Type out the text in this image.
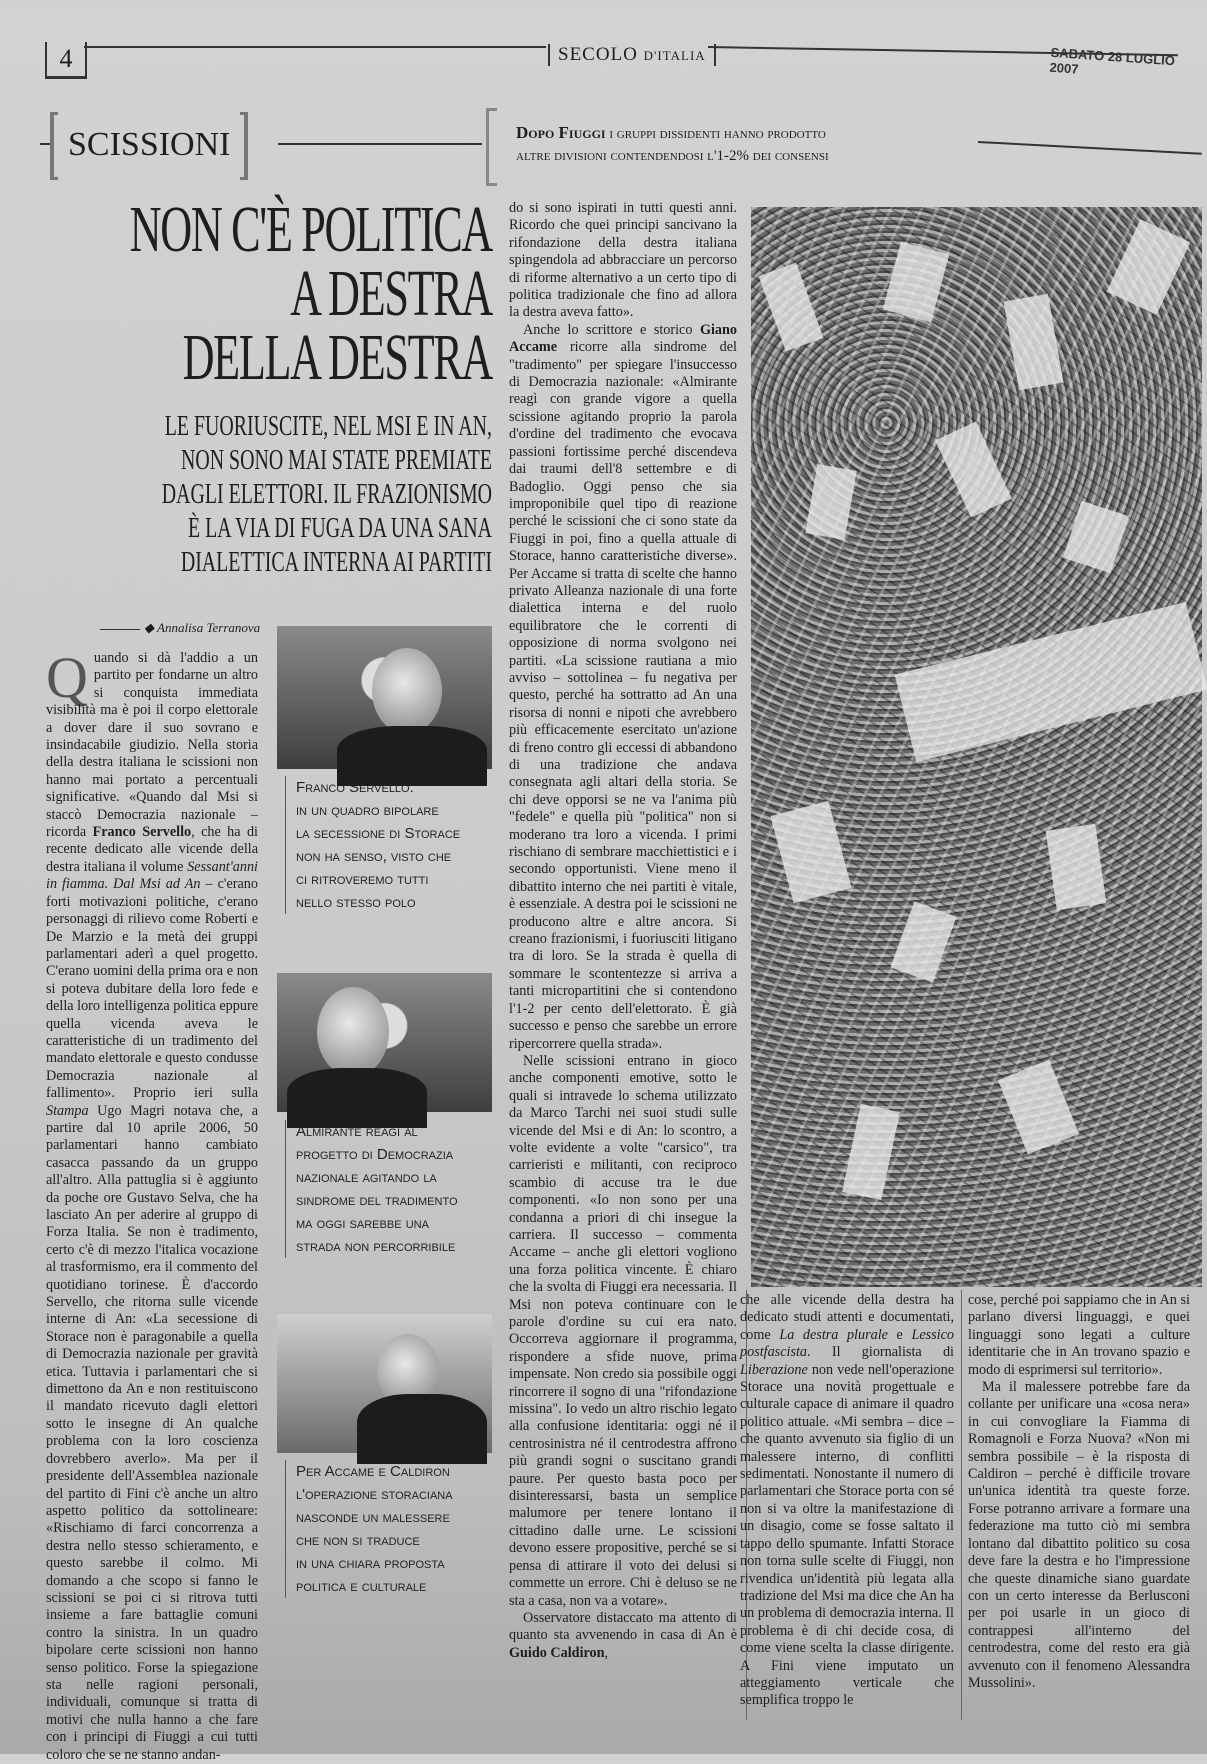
4	SECOLO D'ITALIA	SABATO 28 LUGLIO 2007
SCISSIONI	Dopo Fiuggi i gruppi dissidenti hanno prodotto
altre divisioni contendendosi l'1-2% dei consensi
NON C'È POLITICA
A DESTRA
DELLA DESTRA
LE FUORIUSCITE, NEL MSI E IN AN,
NON SONO MAI STATE PREMIATE
DAGLI ELETTORI. IL FRAZIONISMO
È LA VIA DI FUGA DA UNA SANA
DIALETTICA INTERNA AI PARTITI
◆ Annalisa Terranova

Quando si dà l'addio a un partito per fondarne un altro si conquista immediata visibilità ma è poi il corpo elettorale a dover dare il suo sovrano e insindacabile giudizio. Nella storia della destra italiana le scissioni non hanno mai portato a percentuali significative. «Quando dal Msi si staccò Democrazia nazionale – ricorda Franco Servello, che ha di recente dedicato alle vicende della destra italiana il volume Sessant'anni in fiamma. Dal Msi ad An – c'erano forti motivazioni politiche, c'erano personaggi di rilievo come Roberti e De Marzio e la metà dei gruppi parlamentari aderì a quel progetto. C'erano uomini della prima ora e non si poteva dubitare della loro fede e della loro intelligenza politica eppure quella vicenda aveva le caratteristiche di un tradimento del mandato elettorale e questo condusse Democrazia nazionale al fallimento». Proprio ieri sulla Stampa Ugo Magri notava che, a partire dal 10 aprile 2006, 50 parlamentari hanno cambiato casacca passando da un gruppo all'altro. Alla pattuglia si è aggiunto da poche ore Gustavo Selva, che ha lasciato An per aderire al gruppo di Forza Italia. Se non è tradimento, certo c'è di mezzo l'italica vocazione al trasformismo, era il commento del quotidiano torinese. È d'accordo Servello, che ritorna sulle vicende interne di An: «La secessione di Storace non è paragonabile a quella di Democrazia nazionale per gravità etica. Tuttavia i parlamentari che si dimettono da An e non restituiscono il mandato ricevuto dagli elettori sotto le insegne di An qualche problema con la loro coscienza dovrebbero averlo». Ma per il presidente dell'Assemblea nazionale del partito di Fini c'è anche un altro aspetto politico da sottolineare: «Rischiamo di farci concorrenza a destra nello stesso schieramento, e questo sarebbe il colmo. Mi domando a che scopo si fanno le scissioni se poi ci si ritrova tutti insieme a fare battaglie comuni contro la sinistra. In un quadro bipolare certe scissioni non hanno senso politico. Forse la spiegazione sta nelle ragioni personali, individuali, comunque si tratta di motivi che nulla hanno a che fare con i principi di Fiuggi a cui tutti coloro che se ne stanno andan-

do si sono ispirati in tutti questi anni. Ricordo che quei principi sancivano la rifondazione della destra italiana spingendola ad abbracciare un percorso di riforme alternativo a un certo tipo di politica tradizionale che fino ad allora la destra aveva fatto».

Anche lo scrittore e storico Giano Accame ricorre alla sindrome del "tradimento" per spiegare l'insuccesso di Democrazia nazionale: «Almirante reagì con grande vigore a quella scissione agitando proprio la parola d'ordine del tradimento che evocava passioni fortissime perché discendeva dai traumi dell'8 settembre e di Badoglio. Oggi penso che sia improponibile quel tipo di reazione perché le scissioni che ci sono state da Fiuggi in poi, fino a quella attuale di Storace, hanno caratteristiche diverse». Per Accame si tratta di scelte che hanno privato Alleanza nazionale di una forte dialettica interna e del ruolo equilibratore che le correnti di opposizione di norma svolgono nei partiti. «La scissione rautiana a mio avviso – sottolinea – fu negativa per questo, perché ha sottratto ad An una risorsa di nonni e nipoti che avrebbero più efficacemente esercitato un'azione di freno contro gli eccessi di abbandono di una tradizione che andava consegnata agli altari della storia. Se chi deve opporsi se ne va l'anima più "fedele" e quella più "politica" non si moderano tra loro a vicenda. I primi rischiano di sembrare macchiettistici e i secondo opportunisti. Viene meno il dibattito interno che nei partiti è vitale, è essenziale. A destra poi le scissioni ne producono altre e altre ancora. Si creano frazionismi, i fuoriusciti litigano tra di loro. Se la strada è quella di sommare le scontentezze si arriva a tanti micropartitini che si contendono l'1-2 per cento dell'elettorato. È già successo e penso che sarebbe un errore ripercorrere quella strada».

Nelle scissioni entrano in gioco anche componenti emotive, sotto le quali si intravede lo schema utilizzato da Marco Tarchi nei suoi studi sulle vicende del Msi e di An: lo scontro, a volte evidente a volte "carsico", tra carrieristi e militanti, con reciproco scambio di accuse tra le due componenti. «Io non sono per una condanna a priori di chi insegue la carriera. Il successo – commenta Accame – anche gli elettori vogliono una forza politica vincente. È chiaro che la svolta di Fiuggi era necessaria. Il Msi non poteva continuare con le parole d'ordine su cui era nato. Occorreva aggiornare il programma, rispondere a sfide nuove, prima impensate. Non credo sia possibile oggi rincorrere il sogno di una "rifondazione missina". Io vedo un altro rischio legato alla confusione identitaria: oggi né il centrosinistra né il centrodestra affrono più grandi sogni o suscitano grandi paure. Per questo basta poco per disinteressarsi, basta un semplice malumore per tenere lontano il cittadino dalle urne. Le scissioni devono essere propositive, perché se si pensa di attirare il voto dei delusi si commette un errore. Chi è deluso se ne sta a casa, non va a votare».

Osservatore distaccato ma attento di quanto sta avvenendo in casa di An è Guido Caldiron,

che alle vicende della destra ha dedicato studi attenti e documentati, come La destra plurale e Lessico postfascista. Il giornalista di Liberazione non vede nell'operazione Storace una novità progettuale e culturale capace di animare il quadro politico attuale. «Mi sembra – dice – che quanto avvenuto sia figlio di un malessere interno, di conflitti sedimentati. Nonostante il numero di parlamentari che Storace porta con sé non si va oltre la manifestazione di un disagio, come se fosse saltato il tappo dello spumante. Infatti Storace non torna sulle scelte di Fiuggi, non rivendica un'identità più legata alla tradizione del Msi ma dice che An ha un problema di democrazia interna. Il problema è di chi decide cosa, di come viene scelta la classe dirigente. A Fini viene imputato un atteggiamento verticale che semplifica troppo le

cose, perché poi sappiamo che in An si parlano diversi linguaggi, e quei linguaggi sono legati a culture identitarie che in An trovano spazio e modo di esprimersi sul territorio».

Ma il malessere potrebbe fare da collante per unificare una «cosa nera» in cui convogliare la Fiamma di Romagnoli e Forza Nuova? «Non mi sembra possibile – è la risposta di Caldiron – perché è difficile trovare un'unica identità tra queste forze. Forse potranno arrivare a formare una federazione ma tutto ciò mi sembra lontano dal dibattito politico su cosa deve fare la destra e ho l'impressione che queste dinamiche siano guardate con un certo interesse da Berlusconi per poi usarle in un gioco di contrappesi all'interno del centrodestra, come del resto era già avvenuto con il fenomeno Alessandra Mussolini».

Franco Servello:
in un quadro bipolare
la secessione di Storace
non ha senso, visto che
ci ritroveremo tutti
nello stesso polo
Almirante reagì al
progetto di Democrazia
nazionale agitando la
sindrome del tradimento
ma oggi sarebbe una
strada non percorribile
Per Accame e Caldiron
l'operazione storaciana
nasconde un malessere
che non si traduce
in una chiara proposta
politica e culturale
